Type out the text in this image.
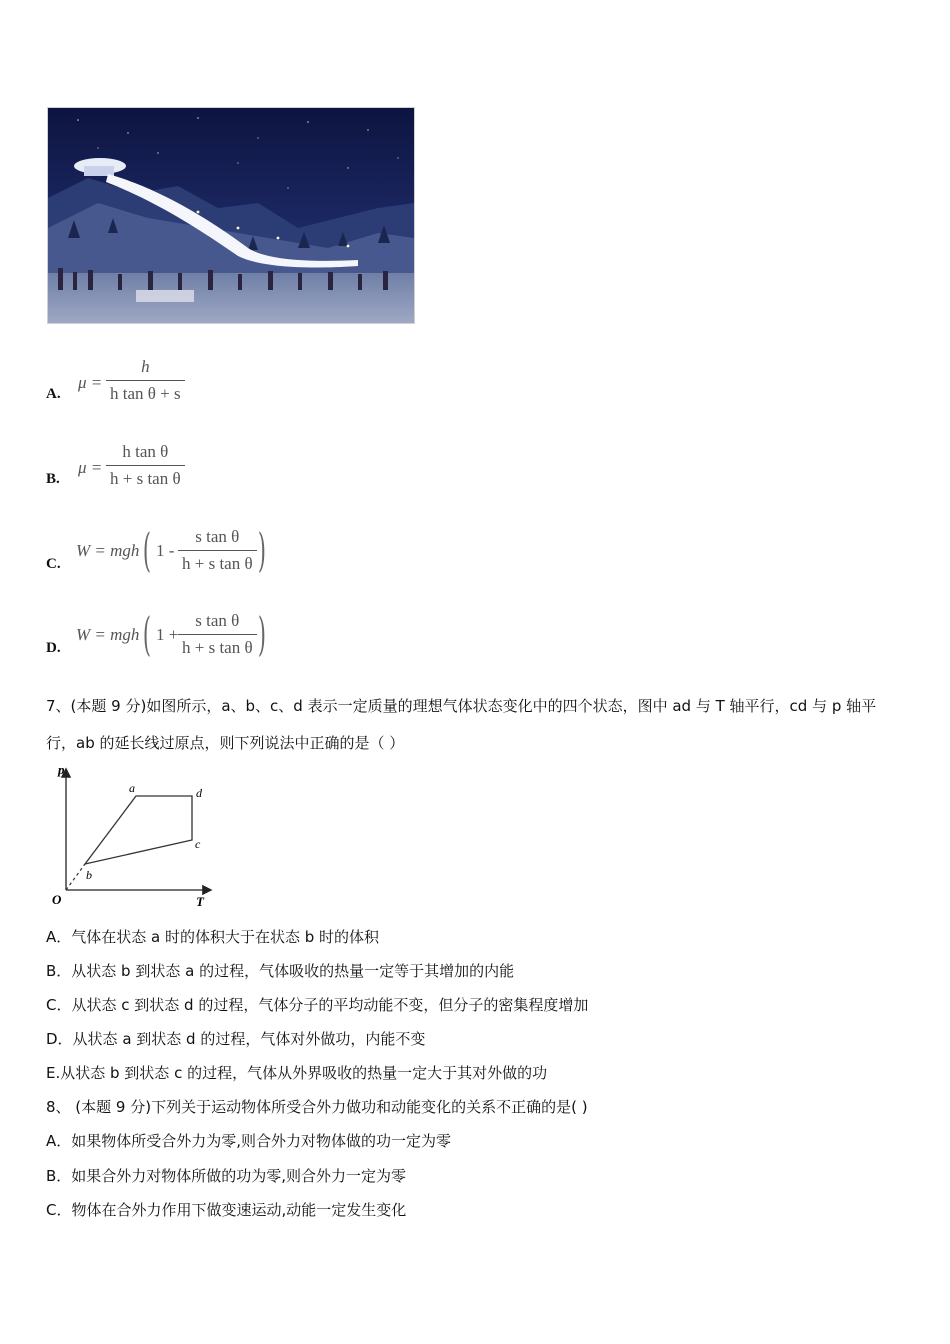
A.
$\mu = \frac{h}{\text{h tan θ + s}}$
B.
$\mu = \frac{\text{h tan θ}}{\text{h + s tan θ}}$
C.
W = mgh ( $1 - \frac{\text{s tan θ}}{\text{h + s tan θ}}$ )
D.
W = mgh ( $1 + \frac{\text{s tan θ}}{\text{h + s tan θ}}$ )
7、(本题 9 分)如图所示，a、b、c、d 表示一定质量的理想气体状态变化中的四个状态，图中 ad 与 T 轴平行，cd 与 p 轴平
行，ab 的延长线过原点，则下列说法中正确的是（ ）
p
T
O
a
b
c
d
A．气体在状态 a 时的体积大于在状态 b 时的体积
B．从状态 b 到状态 a 的过程，气体吸收的热量一定等于其增加的内能
C．从状态 c 到状态 d 的过程，气体分子的平均动能不变，但分子的密集程度增加
D．从状态 a 到状态 d 的过程，气体对外做功，内能不变
E.从状态 b 到状态 c 的过程，气体从外界吸收的热量一定大于其对外做的功
8、 (本题 9 分)下列关于运动物体所受合外力做功和动能变化的关系不正确的是( )
A．如果物体所受合外力为零,则合外力对物体做的功一定为零
B．如果合外力对物体所做的功为零,则合外力一定为零
C．物体在合外力作用下做变速运动,动能一定发生变化
